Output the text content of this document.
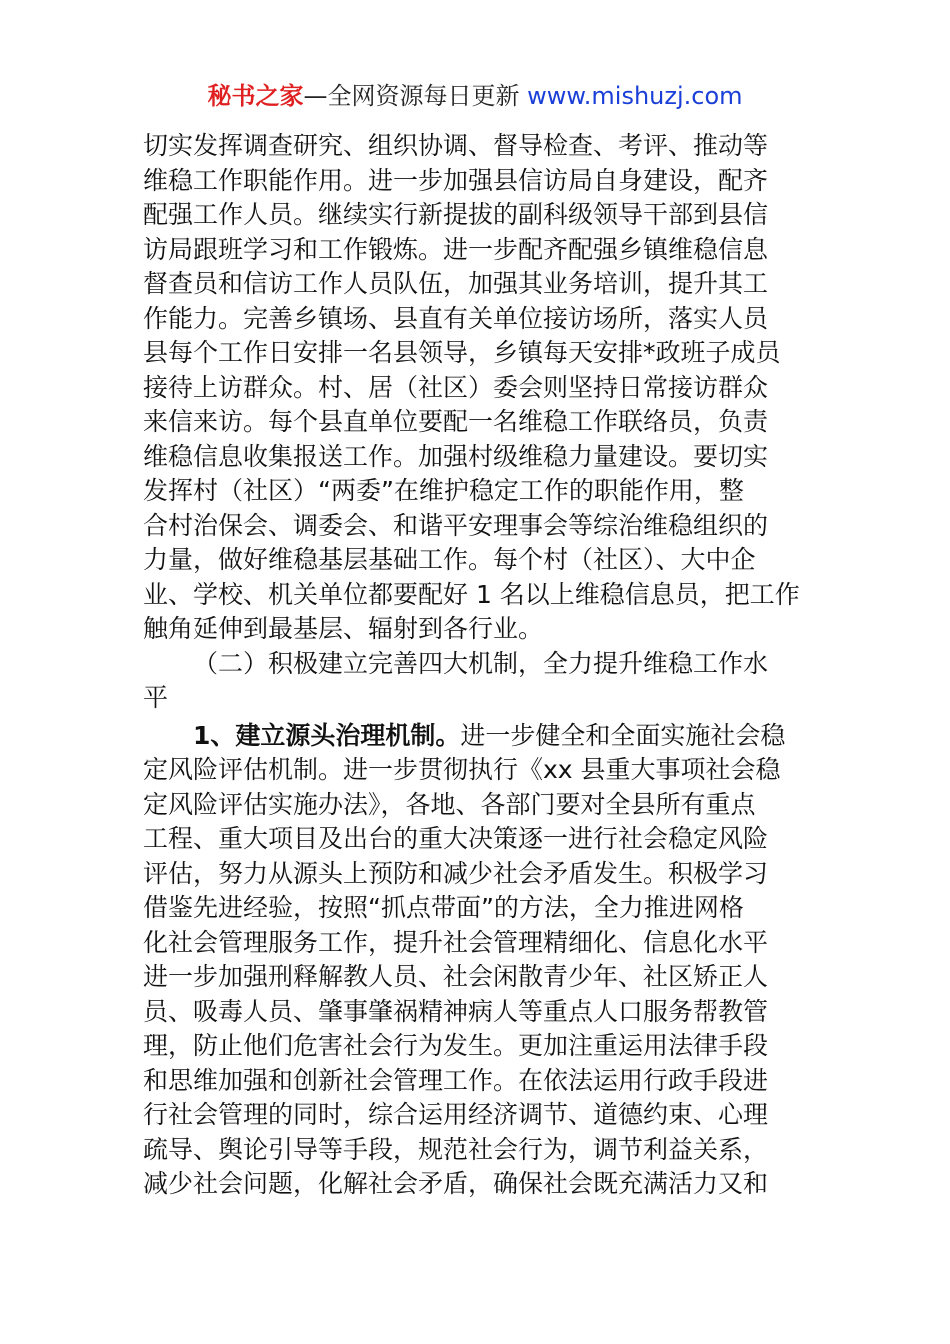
秘书之家—全网资源每日更新 www.mishuzj.com
切实发挥调查研究、组织协调、督导检查、考评、推动等
维稳工作职能作用。进一步加强县信访局自身建设，配齐
配强工作人员。继续实行新提拔的副科级领导干部到县信
访局跟班学习和工作锻炼。进一步配齐配强乡镇维稳信息
督查员和信访工作人员队伍，加强其业务培训，提升其工
作能力。完善乡镇场、县直有关单位接访场所，落实人员
县每个工作日安排一名县领导，乡镇每天安排*政班子成员
接待上访群众。村、居（社区）委会则坚持日常接访群众
来信来访。每个县直单位要配一名维稳工作联络员，负责
维稳信息收集报送工作。加强村级维稳力量建设。要切实
发挥村（社区）“两委”在维护稳定工作的职能作用，整
合村治保会、调委会、和谐平安理事会等综治维稳组织的
力量，做好维稳基层基础工作。每个村（社区）、大中企
业、学校、机关单位都要配好 1 名以上维稳信息员，把工作
触角延伸到最基层、辐射到各行业。
（二）积极建立完善四大机制，全力提升维稳工作水
平
1、建立源头治理机制。进一步健全和全面实施社会稳
定风险评估机制。进一步贯彻执行《xx 县重大事项社会稳
定风险评估实施办法》，各地、各部门要对全县所有重点
工程、重大项目及出台的重大决策逐一进行社会稳定风险
评估，努力从源头上预防和减少社会矛盾发生。积极学习
借鉴先进经验，按照“抓点带面”的方法，全力推进网格
化社会管理服务工作，提升社会管理精细化、信息化水平
进一步加强刑释解教人员、社会闲散青少年、社区矫正人
员、吸毒人员、肇事肇祸精神病人等重点人口服务帮教管
理，防止他们危害社会行为发生。更加注重运用法律手段
和思维加强和创新社会管理工作。在依法运用行政手段进
行社会管理的同时，综合运用经济调节、道德约束、心理
疏导、舆论引导等手段，规范社会行为，调节利益关系，
减少社会问题，化解社会矛盾，确保社会既充满活力又和
